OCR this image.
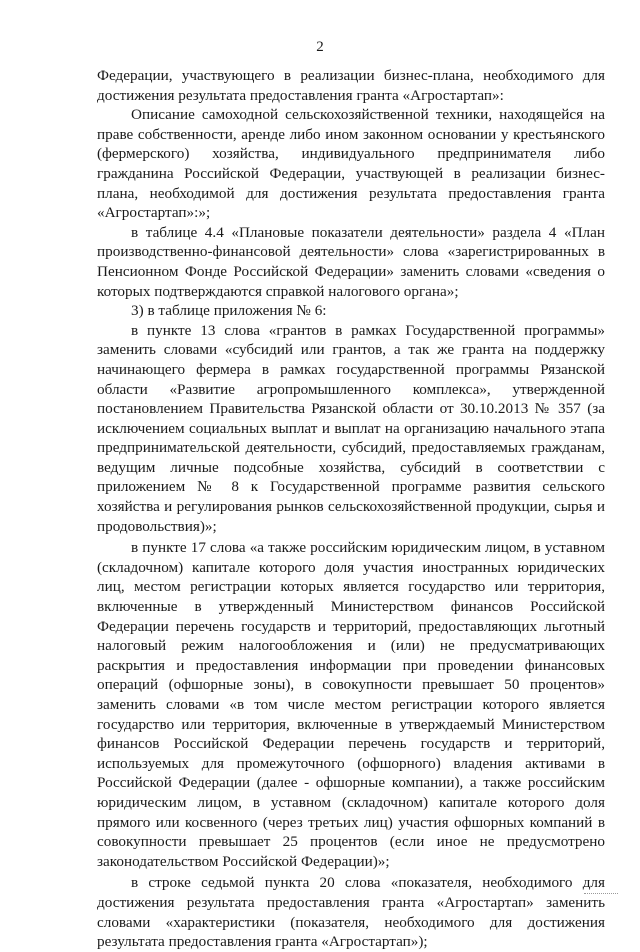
2

Федерации, участвующего в реализации бизнес-плана, необходимого для достижения результата предоставления гранта «Агростартап»:

Описание самоходной сельскохозяйственной техники, находящейся на праве собственности, аренде либо ином законном основании у крестьянского (фермерского) хозяйства, индивидуального предпринимателя либо гражданина Российской Федерации, участвующей в реализации бизнес-плана, необходимой для достижения результата предоставления гранта «Агростартап»:»;

в таблице 4.4 «Плановые показатели деятельности» раздела 4 «План производственно-финансовой деятельности» слова «зарегистрированных в Пенсионном Фонде Российской Федерации» заменить словами «сведения о которых подтверждаются справкой налогового органа»;

3) в таблице приложения № 6:

в пункте 13 слова «грантов в рамках Государственной программы» заменить словами «субсидий или грантов, а так же гранта на поддержку начинающего фермера в рамках государственной программы Рязанской области «Развитие агропромышленного комплекса», утвержденной постановлением Правительства Рязанской области от 30.10.2013 № 357 (за исключением социальных выплат и выплат на организацию начального этапа предпринимательской деятельности, субсидий, предоставляемых гражданам, ведущим личные подсобные хозяйства, субсидий в соответствии с приложением № 8 к Государственной программе развития сельского хозяйства и регулирования рынков сельскохозяйственной продукции, сырья и продовольствия)»;

в пункте 17 слова «а также российским юридическим лицом, в уставном (складочном) капитале которого доля участия иностранных юридических лиц, местом регистрации которых является государство или территория, включенные в утвержденный Министерством финансов Российской Федерации перечень государств и территорий, предоставляющих льготный налоговый режим налогообложения и (или) не предусматривающих раскрытия и предоставления информации при проведении финансовых операций (офшорные зоны), в совокупности превышает 50 процентов» заменить словами «в том числе местом регистрации которого является государство или территория, включенные в утверждаемый Министерством финансов Российской Федерации перечень государств и территорий, используемых для промежуточного (офшорного) владения активами в Российской Федерации (далее - офшорные компании), а также российским юридическим лицом, в уставном (складочном) капитале которого доля прямого или косвенного (через третьих лиц) участия офшорных компаний в совокупности превышает 25 процентов (если иное не предусмотрено законодательством Российской Федерации)»;

в строке седьмой пункта 20 слова «показателя, необходимого для достижения результата предоставления гранта «Агростартап» заменить словами «характеристики (показателя, необходимого для достижения результата предоставления гранта «Агростартап»);
